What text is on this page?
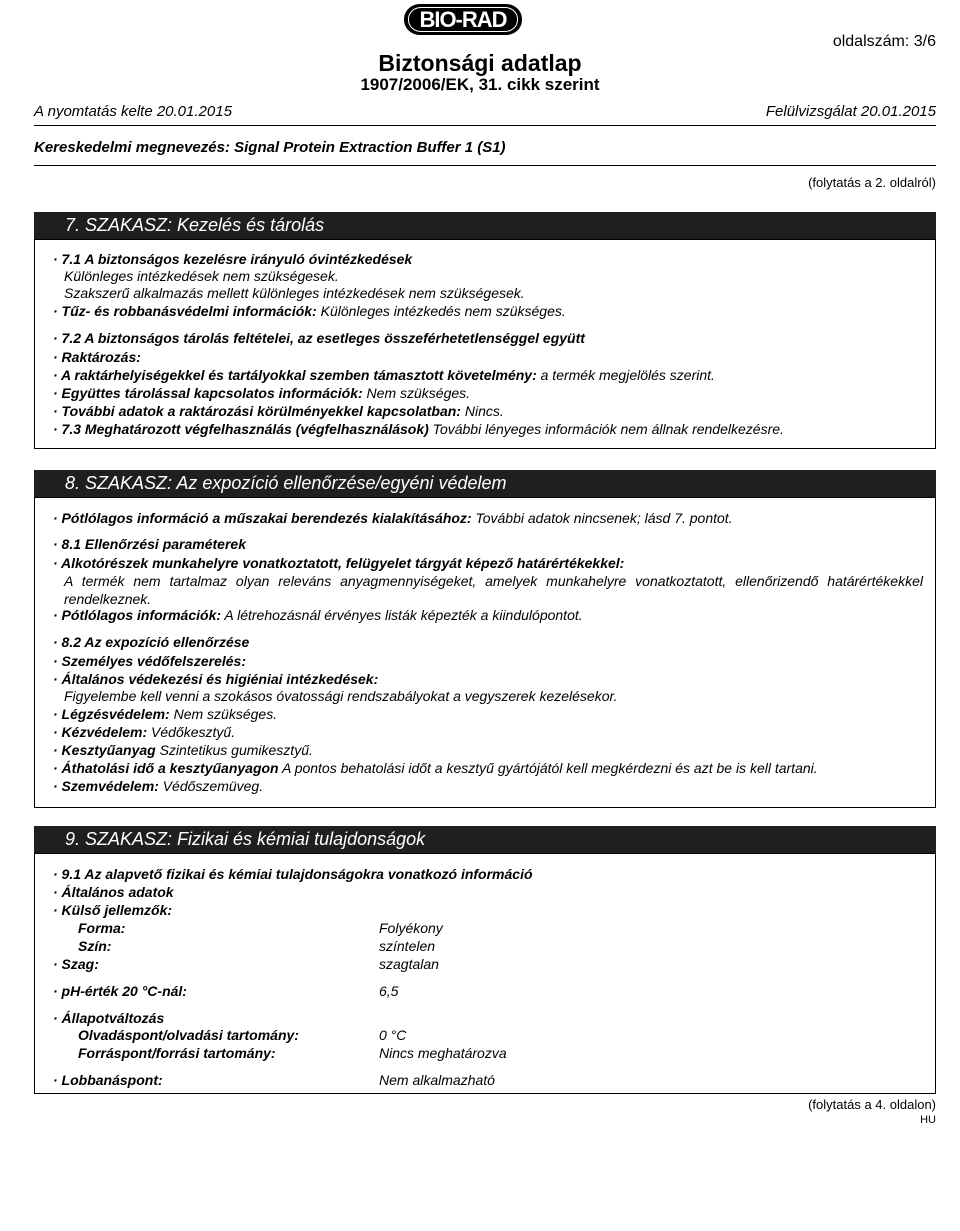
BIO-RAD
oldalszám: 3/6
Biztonsági adatlap
1907/2006/EK, 31. cikk szerint
A nyomtatás kelte 20.01.2015	Felülvizsgálat 20.01.2015
Kereskedelmi megnevezés: Signal Protein Extraction Buffer 1 (S1)
(folytatás a 2. oldalról)
7. SZAKASZ: Kezelés és tárolás
· 7.1 A biztonságos kezelésre irányuló óvintézkedések
Különleges intézkedések nem szükségesek.
Szakszerű alkalmazás mellett különleges intézkedések nem szükségesek.
· Tűz- és robbanásvédelmi információk: Különleges intézkedés nem szükséges.
· 7.2 A biztonságos tárolás feltételei, az esetleges összeférhetetlenséggel együtt
· Raktározás:
· A raktárhelyiségekkel és tartályokkal szemben támasztott követelmény: a termék megjelölés szerint.
· Együttes tárolással kapcsolatos információk: Nem szükséges.
· További adatok a raktározási körülményekkel kapcsolatban: Nincs.
· 7.3 Meghatározott végfelhasználás (végfelhasználások) További lényeges információk nem állnak rendelkezésre.
8. SZAKASZ: Az expozíció ellenőrzése/egyéni védelem
· Pótlólagos információ a műszakai berendezés kialakításához: További adatok nincsenek; lásd 7. pontot.
· 8.1 Ellenőrzési paraméterek
· Alkotórészek munkahelyre vonatkoztatott, felügyelet tárgyát képező határértékekkel:
A termék nem tartalmaz olyan releváns anyagmennyiségeket, amelyek munkahelyre vonatkoztatott, ellenőrizendő határértékekkel rendelkeznek.
· Pótlólagos információk: A létrehozásnál érvényes listák képezték a kiindulópontot.
· 8.2 Az expozíció ellenőrzése
· Személyes védőfelszerelés:
· Általános védekezési és higiéniai intézkedések:
Figyelembe kell venni a szokásos óvatossági rendszabályokat a vegyszerek kezelésekor.
· Légzésvédelem: Nem szükséges.
· Kézvédelem: Védőkesztyű.
· Kesztyűanyag Szintetikus gumikesztyű.
· Áthatolási idő a kesztyűanyagon A pontos behatolási időt a kesztyű gyártójától kell megkérdezni és azt be is kell tartani.
· Szemvédelem: Védőszemüveg.
9. SZAKASZ: Fizikai és kémiai tulajdonságok
· 9.1 Az alapvető fizikai és kémiai tulajdonságokra vonatkozó információ
· Általános adatok
· Külső jellemzők:
Forma:	Folyékony
Szín:	színtelen
· Szag:	szagtalan
· pH-érték 20 °C-nál:	6,5
· Állapotváltozás
Olvadáspont/olvadási tartomány:	0 °C
Forráspont/forrási tartomány:	Nincs meghatározva
· Lobbanáspont:	Nem alkalmazható
(folytatás a 4. oldalon)
HU
